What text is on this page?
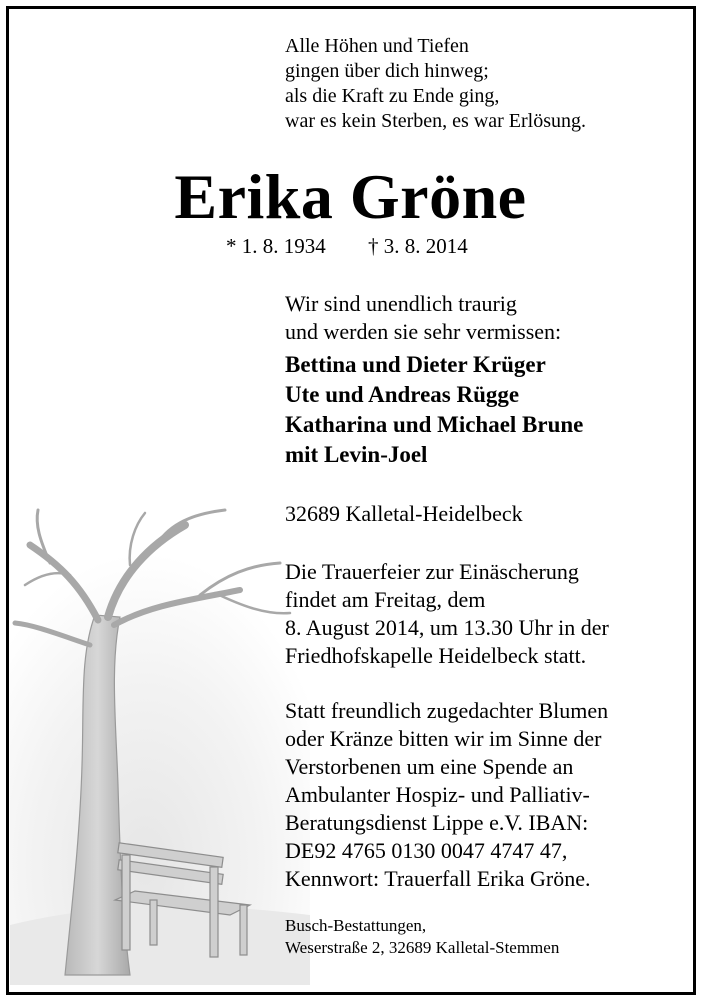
Alle Höhen und Tiefen
gingen über dich hinweg;
als die Kraft zu Ende ging,
war es kein Sterben, es war Erlösung.
Erika Gröne
* 1. 8. 1934 † 3. 8. 2014
Wir sind unendlich traurig
und werden sie sehr vermissen:
Bettina und Dieter Krüger
Ute und Andreas Rügge
Katharina und Michael Brune
mit Levin-Joel
32689 Kalletal-Heidelbeck
Die Trauerfeier zur Einäscherung
findet am Freitag, dem
8. August 2014, um 13.30 Uhr in der
Friedhofskapelle Heidelbeck statt.
Statt freundlich zugedachter Blumen
oder Kränze bitten wir im Sinne der
Verstorbenen um eine Spende an
Ambulanter Hospiz- und Palliativ-
Beratungsdienst Lippe e.V. IBAN:
DE92 4765 0130 0047 4747 47,
Kennwort: Trauerfall Erika Gröne.
Busch-Bestattungen,
Weserstraße 2, 32689 Kalletal-Stemmen
